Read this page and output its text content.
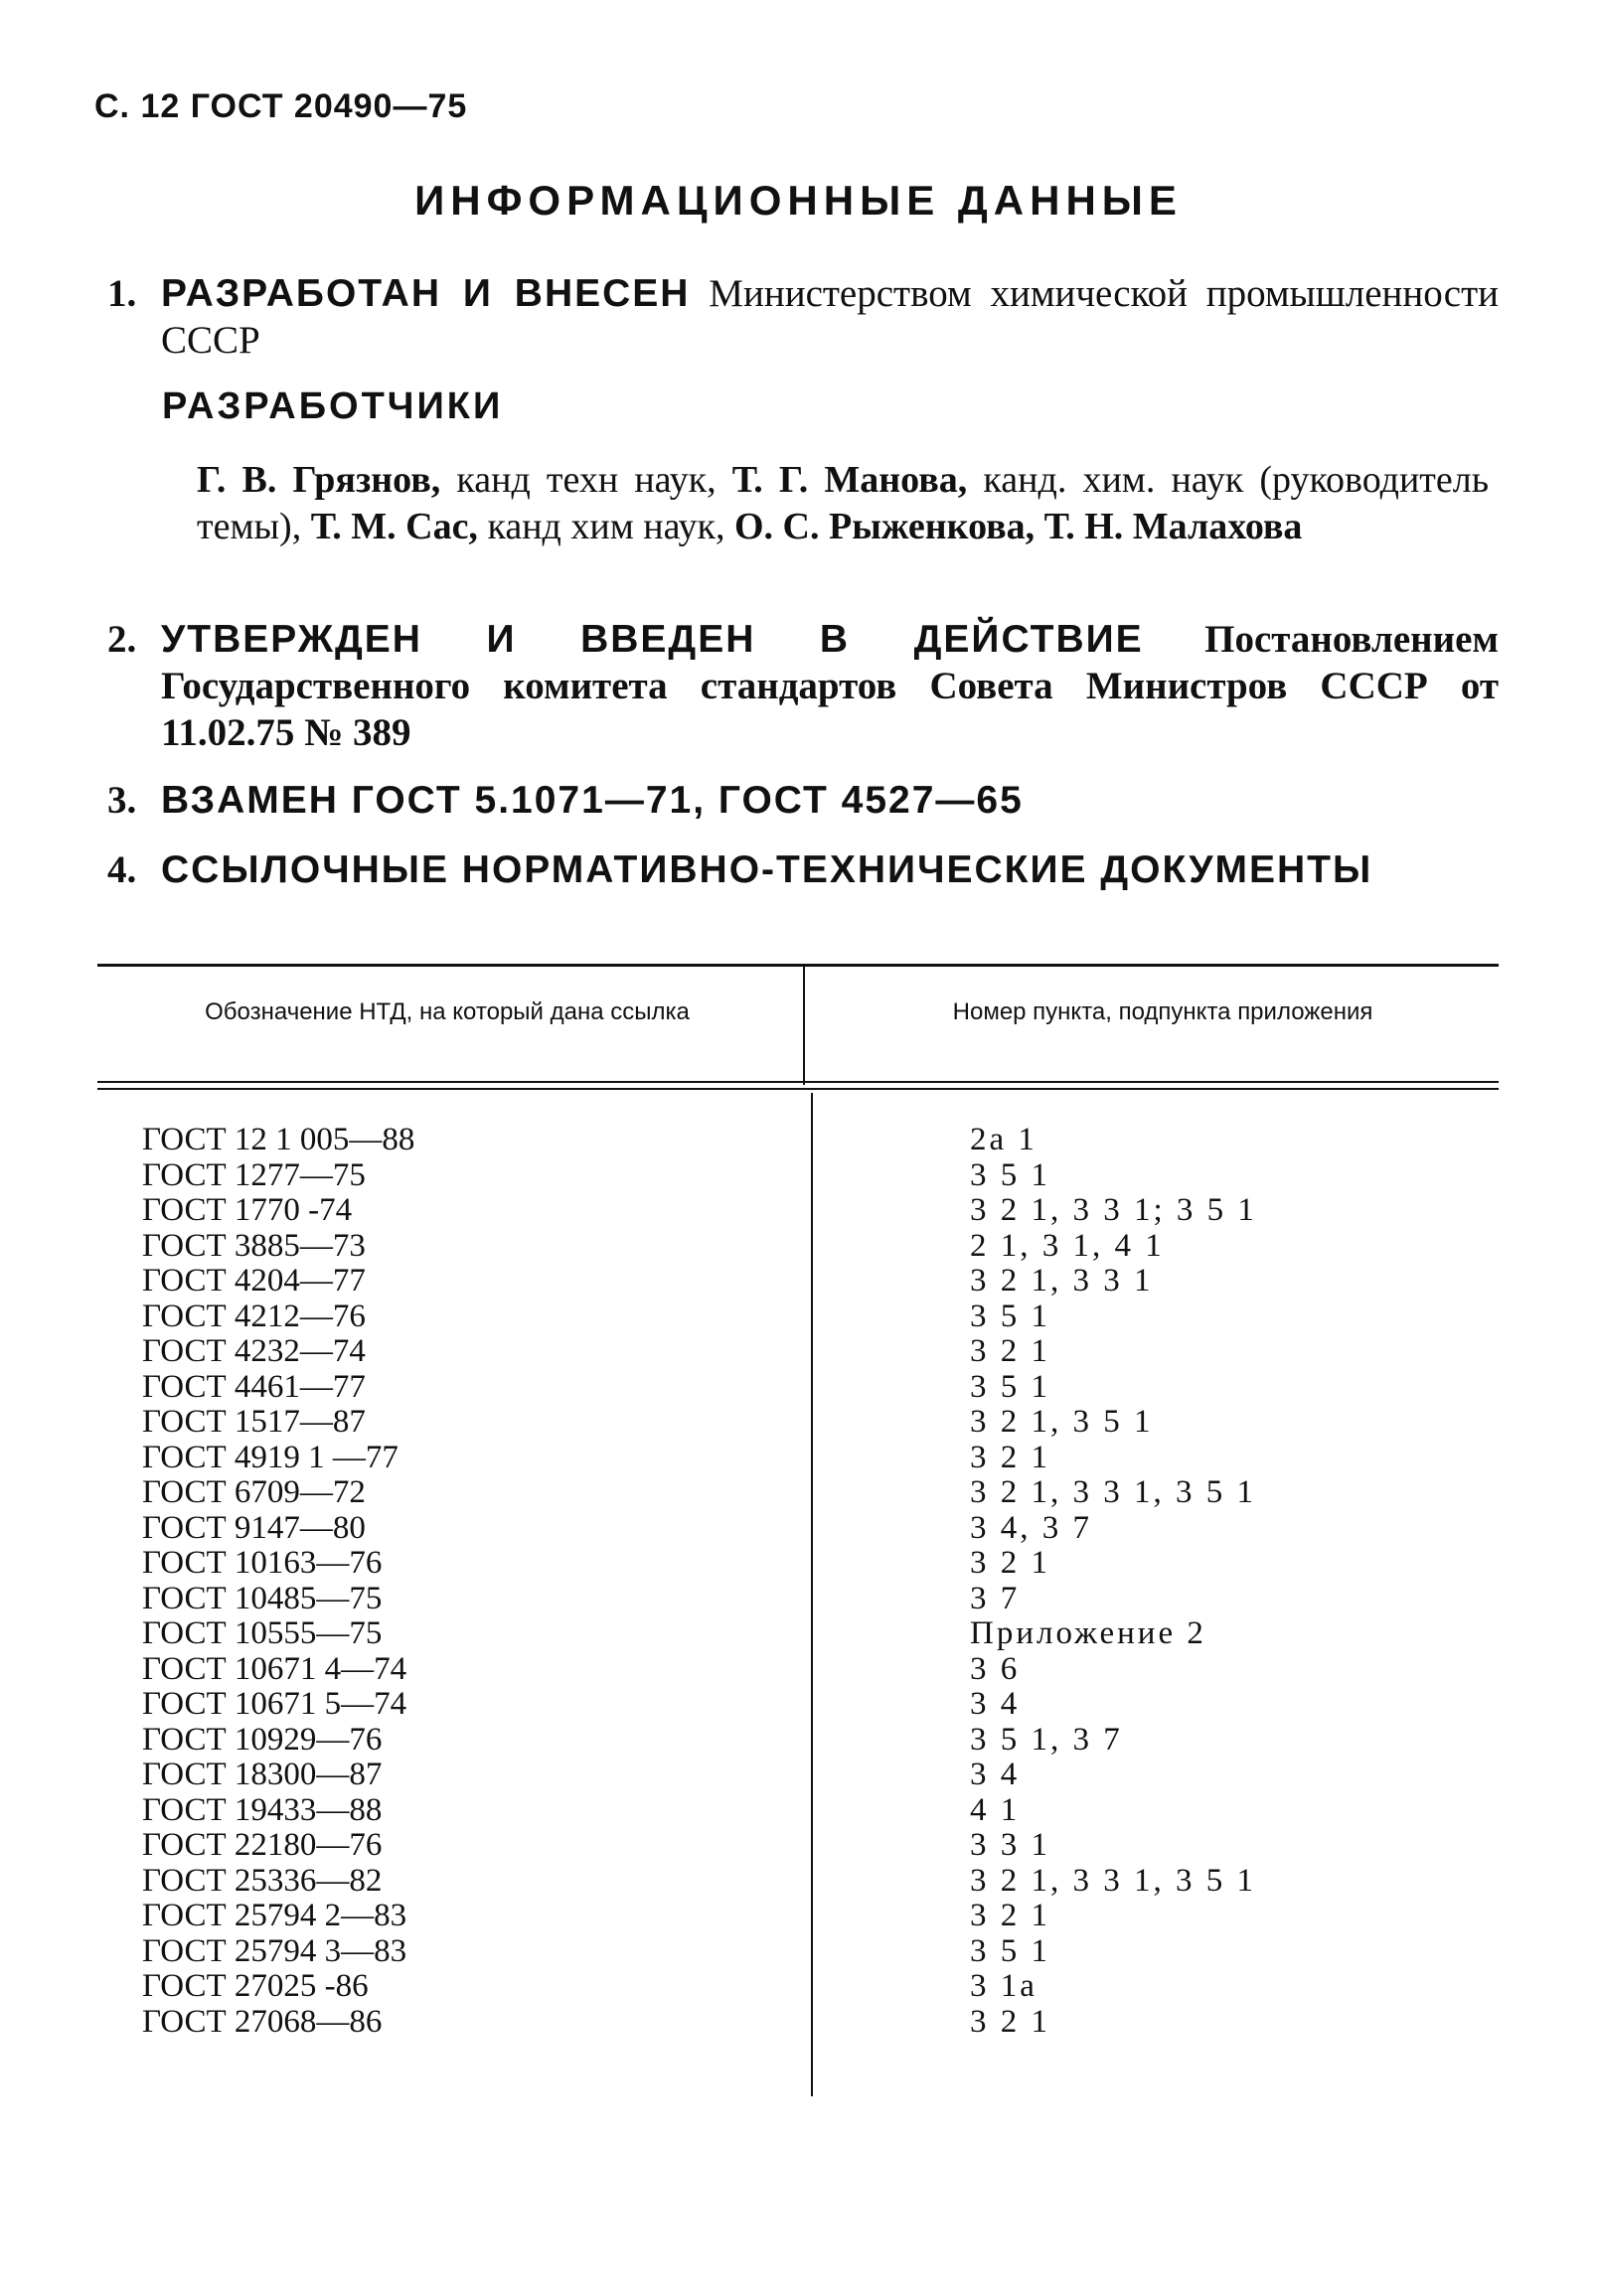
С. 12 ГОСТ 20490—75
ИНФОРМАЦИОННЫЕ ДАННЫЕ
1. РАЗРАБОТАН И ВНЕСЕН Министерством химической промышленности СССР
РАЗРАБОТЧИКИ
Г. В. Грязнов, канд техн наук, Т. Г. Манова, канд. хим. наук (руководитель темы), Т. М. Сас, канд хим наук, О. С. Рыженкова, Т. Н. Малахова
2. УТВЕРЖДЕН И ВВЕДЕН В ДЕЙСТВИЕ Постановлением Государственного комитета стандартов Совета Министров СССР от 11.02.75 № 389
3. ВЗАМЕН ГОСТ 5.1071—71, ГОСТ 4527—65
4. ССЫЛОЧНЫЕ НОРМАТИВНО-ТЕХНИЧЕСКИЕ ДОКУМЕНТЫ
Обозначение НТД, на который дана ссылка	Номер пункта, подпункта приложения
ГОСТ 12 1 005—88
ГОСТ 1277—75
ГОСТ 1770 -74
ГОСТ 3885—73
ГОСТ 4204—77
ГОСТ 4212—76
ГОСТ 4232—74
ГОСТ 4461—77
ГОСТ 1517—87
ГОСТ 4919 1 —77
ГОСТ 6709—72
ГОСТ 9147—80
ГОСТ 10163—76
ГОСТ 10485—75
ГОСТ 10555—75
ГОСТ 10671 4—74
ГОСТ 10671 5—74
ГОСТ 10929—76
ГОСТ 18300—87
ГОСТ 19433—88
ГОСТ 22180—76
ГОСТ 25336—82
ГОСТ 25794 2—83
ГОСТ 25794 3—83
ГОСТ 27025 -86
ГОСТ 27068—86
2а 1
3 5 1
3 2 1, 3 3 1; 3 5 1
2 1, 3 1, 4 1
3 2 1, 3 3 1
3 5 1
3 2 1
3 5 1
3 2 1, 3 5 1
3 2 1
3 2 1, 3 3 1, 3 5 1
3 4, 3 7
3 2 1
3 7
Приложение 2
3 6
3 4
3 5 1, 3 7
3 4
4 1
3 3 1
3 2 1, 3 3 1, 3 5 1
3 2 1
3 5 1
3 1а
3 2 1
